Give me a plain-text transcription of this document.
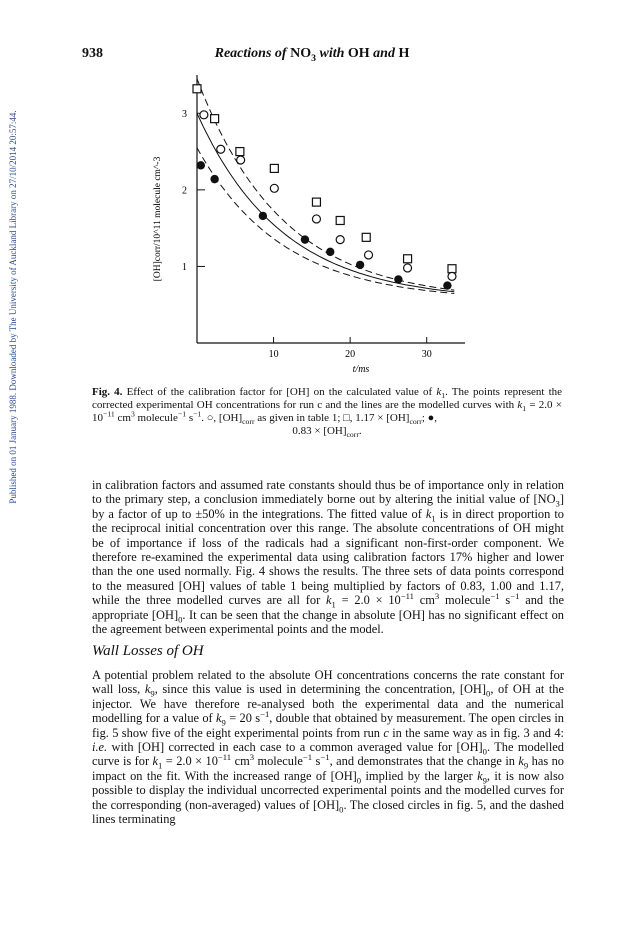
Published on 01 January 1988. Downloaded by The University of Auckland Library on 27/10/2014 20:57:44.
938	Reactions of $NO_3$ with OH and H
10	20	30
1
2
3
t/ms
[OH]corr/10^11 molecule cm^-3
Fig. 4. Effect of the calibration factor for [OH] on the calculated value of $k_1$. The points represent the corrected experimental OH concentrations for run c and the lines are the modelled curves with $k_1 = 2.0 \times 10^{-11}$ $cm^3$ molecule$^{-1}$ $s^{-1}$. ○, $[OH]_{corr}$ as given in table 1; □, $1.17 \times [OH]_{corr}$; ●,
$0.83 \times [OH]_{corr}$.
in calibration factors and assumed rate constants should thus be of importance only in relation to the primary step, a conclusion immediately borne out by altering the initial value of $[NO_3]$ by a factor of up to ±50% in the integrations. The fitted value of $k_1$ is in direct proportion to the reciprocal initial concentration over this range. The absolute concentrations of OH might be of importance if loss of the radicals had a significant non-first-order component. We therefore re-examined the experimental data using calibration factors 17% higher and lower than the one used normally. Fig. 4 shows the results. The three sets of data points correspond to the measured [OH] values of table 1 being multiplied by factors of 0.83, 1.00 and 1.17, while the three modelled curves are all for $k_1 = 2.0 \times 10^{-11}$ $cm^3$ molecule$^{-1}$ $s^{-1}$ and the appropriate $[OH]_0$. It can be seen that the change in absolute [OH] has no significant effect on the agreement between experimental points and the model.
Wall Losses of OH
A potential problem related to the absolute OH concentrations concerns the rate constant for wall loss, $k_9$, since this value is used in determining the concentration, $[OH]_0$, of OH at the injector. We have therefore re-analysed both the experimental data and the numerical modelling for a value of $k_9 = 20$ $s^{-1}$, double that obtained by measurement. The open circles in fig. 5 show five of the eight experimental points from run c in the same way as in fig. 3 and 4: i.e. with [OH] corrected in each case to a common averaged value for $[OH]_0$. The modelled curve is for $k_1 = 2.0 \times 10^{-11}$ $cm^3$ molecule$^{-1}$ $s^{-1}$, and demonstrates that the change in $k_9$ has no impact on the fit. With the increased range of $[OH]_0$ implied by the larger $k_9$, it is now also possible to display the individual uncorrected experimental points and the modelled curves for the corresponding (non-averaged) values of $[OH]_0$. The closed circles in fig. 5, and the dashed lines terminating
